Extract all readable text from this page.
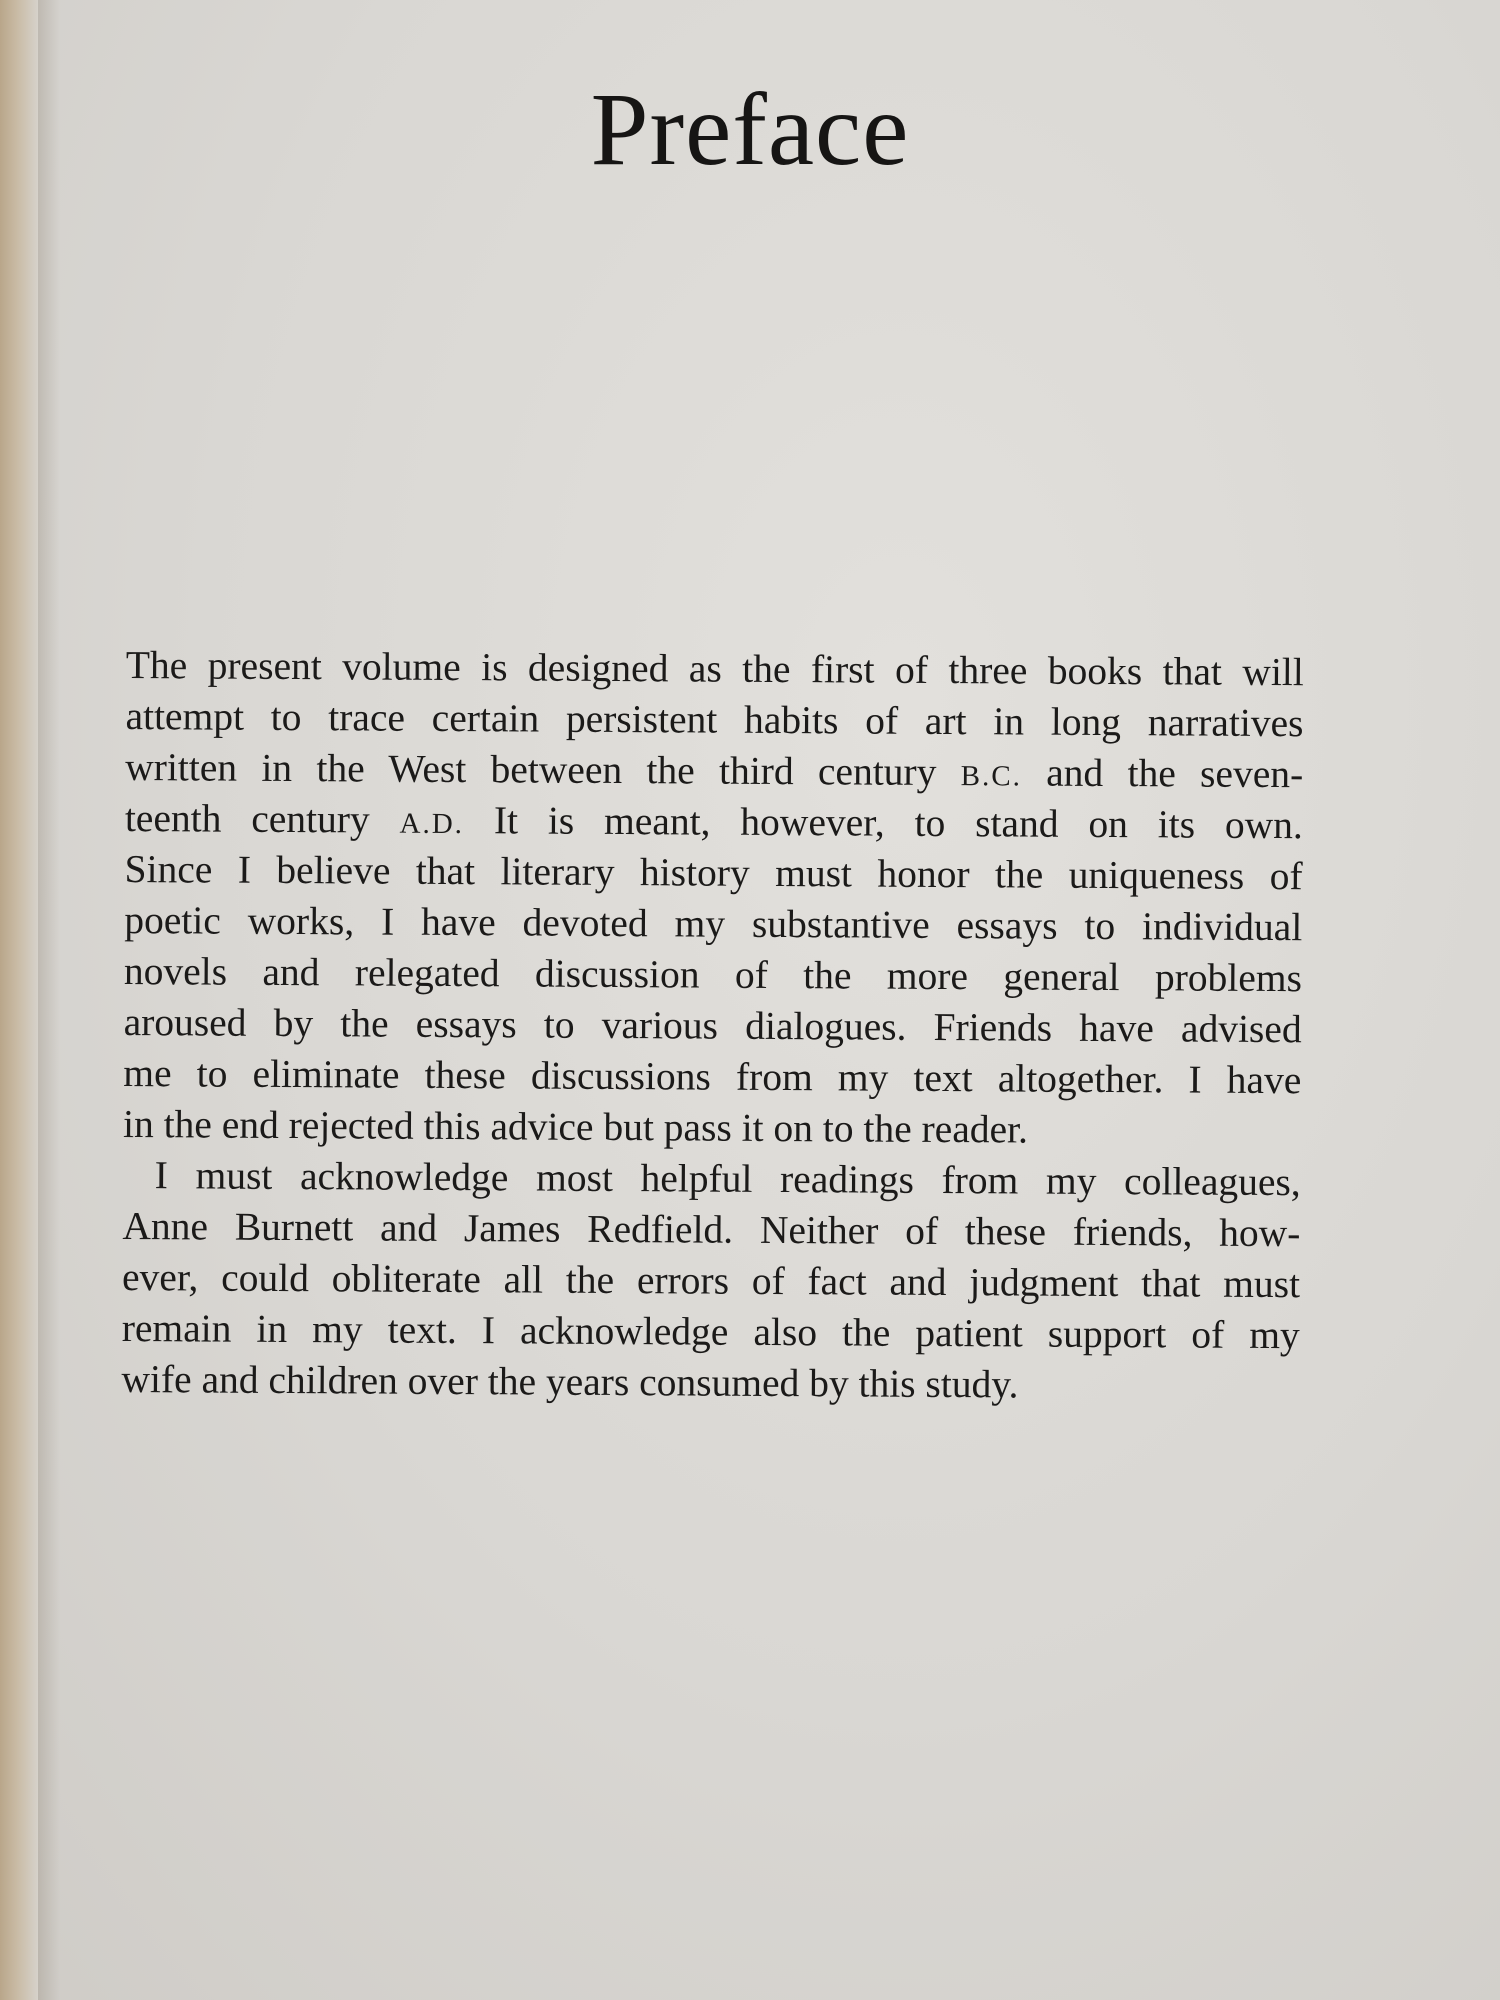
Preface
The present volume is designed as the first of three books that will
attempt to trace certain persistent habits of art in long narratives
written in the West between the third century B.C. and the seven-
teenth century A.D. It is meant, however, to stand on its own.
Since I believe that literary history must honor the uniqueness of
poetic works, I have devoted my substantive essays to individual
novels and relegated discussion of the more general problems
aroused by the essays to various dialogues. Friends have advised
me to eliminate these discussions from my text altogether. I have
in the end rejected this advice but pass it on to the reader.
I must acknowledge most helpful readings from my colleagues,
Anne Burnett and James Redfield. Neither of these friends, how-
ever, could obliterate all the errors of fact and judgment that must
remain in my text. I acknowledge also the patient support of my
wife and children over the years consumed by this study.
